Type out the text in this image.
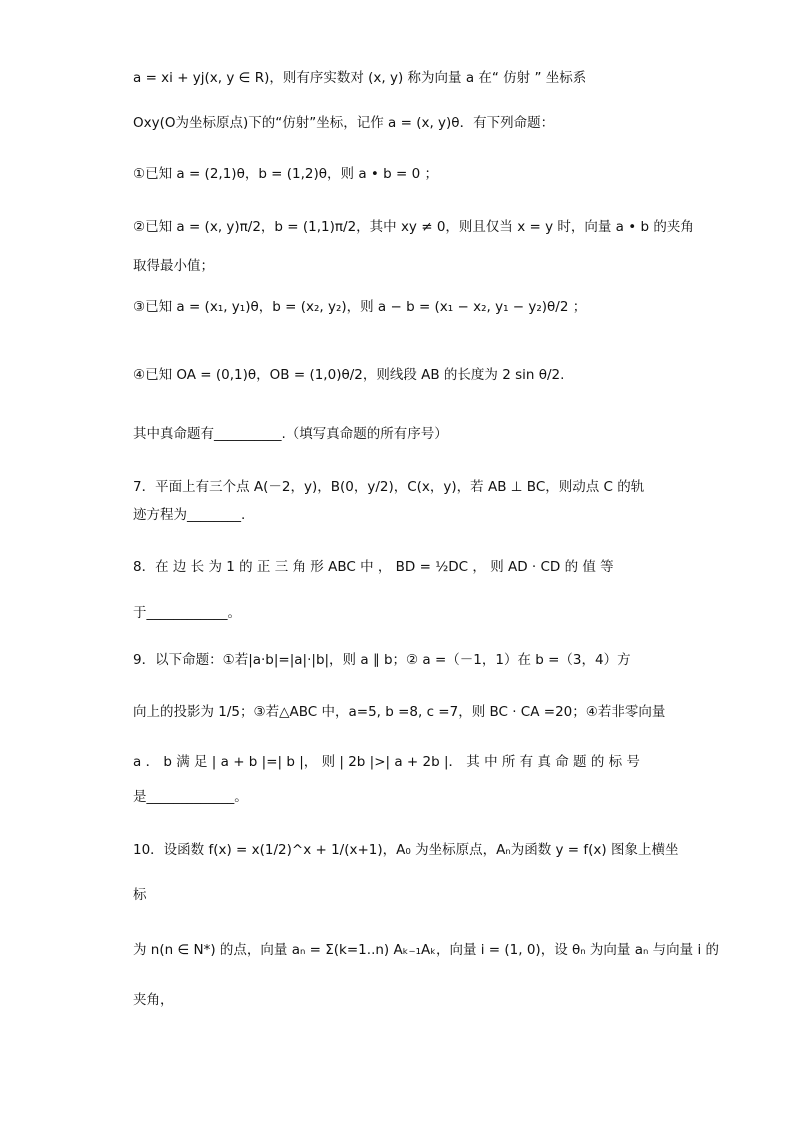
a = xi + yj(x, y ∈ R)，则有序实数对 (x, y) 称为向量 a 在“ 仿射 ” 坐标系
Oxy(O为坐标原点)下的“仿射”坐标，记作 a = (x, y)θ．有下列命题：
①已知 a = (2,1)θ，b = (1,2)θ，则 a • b = 0 ；
②已知 a = (x, y)π/2，b = (1,1)π/2，其中 xy ≠ 0，则且仅当 x = y 时，向量 a • b 的夹角
取得最小值；
③已知 a = (x₁, y₁)θ，b = (x₂, y₂)，则 a − b = (x₁ − x₂, y₁ − y₂)θ/2 ；
④已知 OA = (0,1)θ，OB = (1,0)θ/2，则线段 AB 的长度为 2 sin θ/2.
其中真命题有__________.（填写真命题的所有序号）
7．平面上有三个点 A(－2，y)，B(0，y/2)，C(x，y)，若 AB ⊥ BC，则动点 C 的轨
迹方程为________.
8．在 边 长 为 1 的 正 三 角 形 ABC 中 ， BD = ½DC ， 则 AD · CD 的 值 等
于____________。
9．以下命题：①若|a·b|=|a|·|b|，则 a ∥ b；② a =（－1，1）在 b =（3，4）方
向上的投影为 1/5；③若△ABC 中，a=5, b =8, c =7，则 BC · CA =20；④若非零向量
a ． b 满 足 | a + b |=| b |， 则 | 2b |>| a + 2b |． 其 中 所 有 真 命 题 的 标 号
是_____________。
10．设函数 f(x) = x(1/2)^x + 1/(x+1)，A₀ 为坐标原点，Aₙ为函数 y = f(x) 图象上横坐
标
为 n(n ∈ N*) 的点，向量 aₙ = Σ(k=1..n) Aₖ₋₁Aₖ，向量 i = (1, 0)，设 θₙ 为向量 aₙ 与向量 i 的
夹角，
